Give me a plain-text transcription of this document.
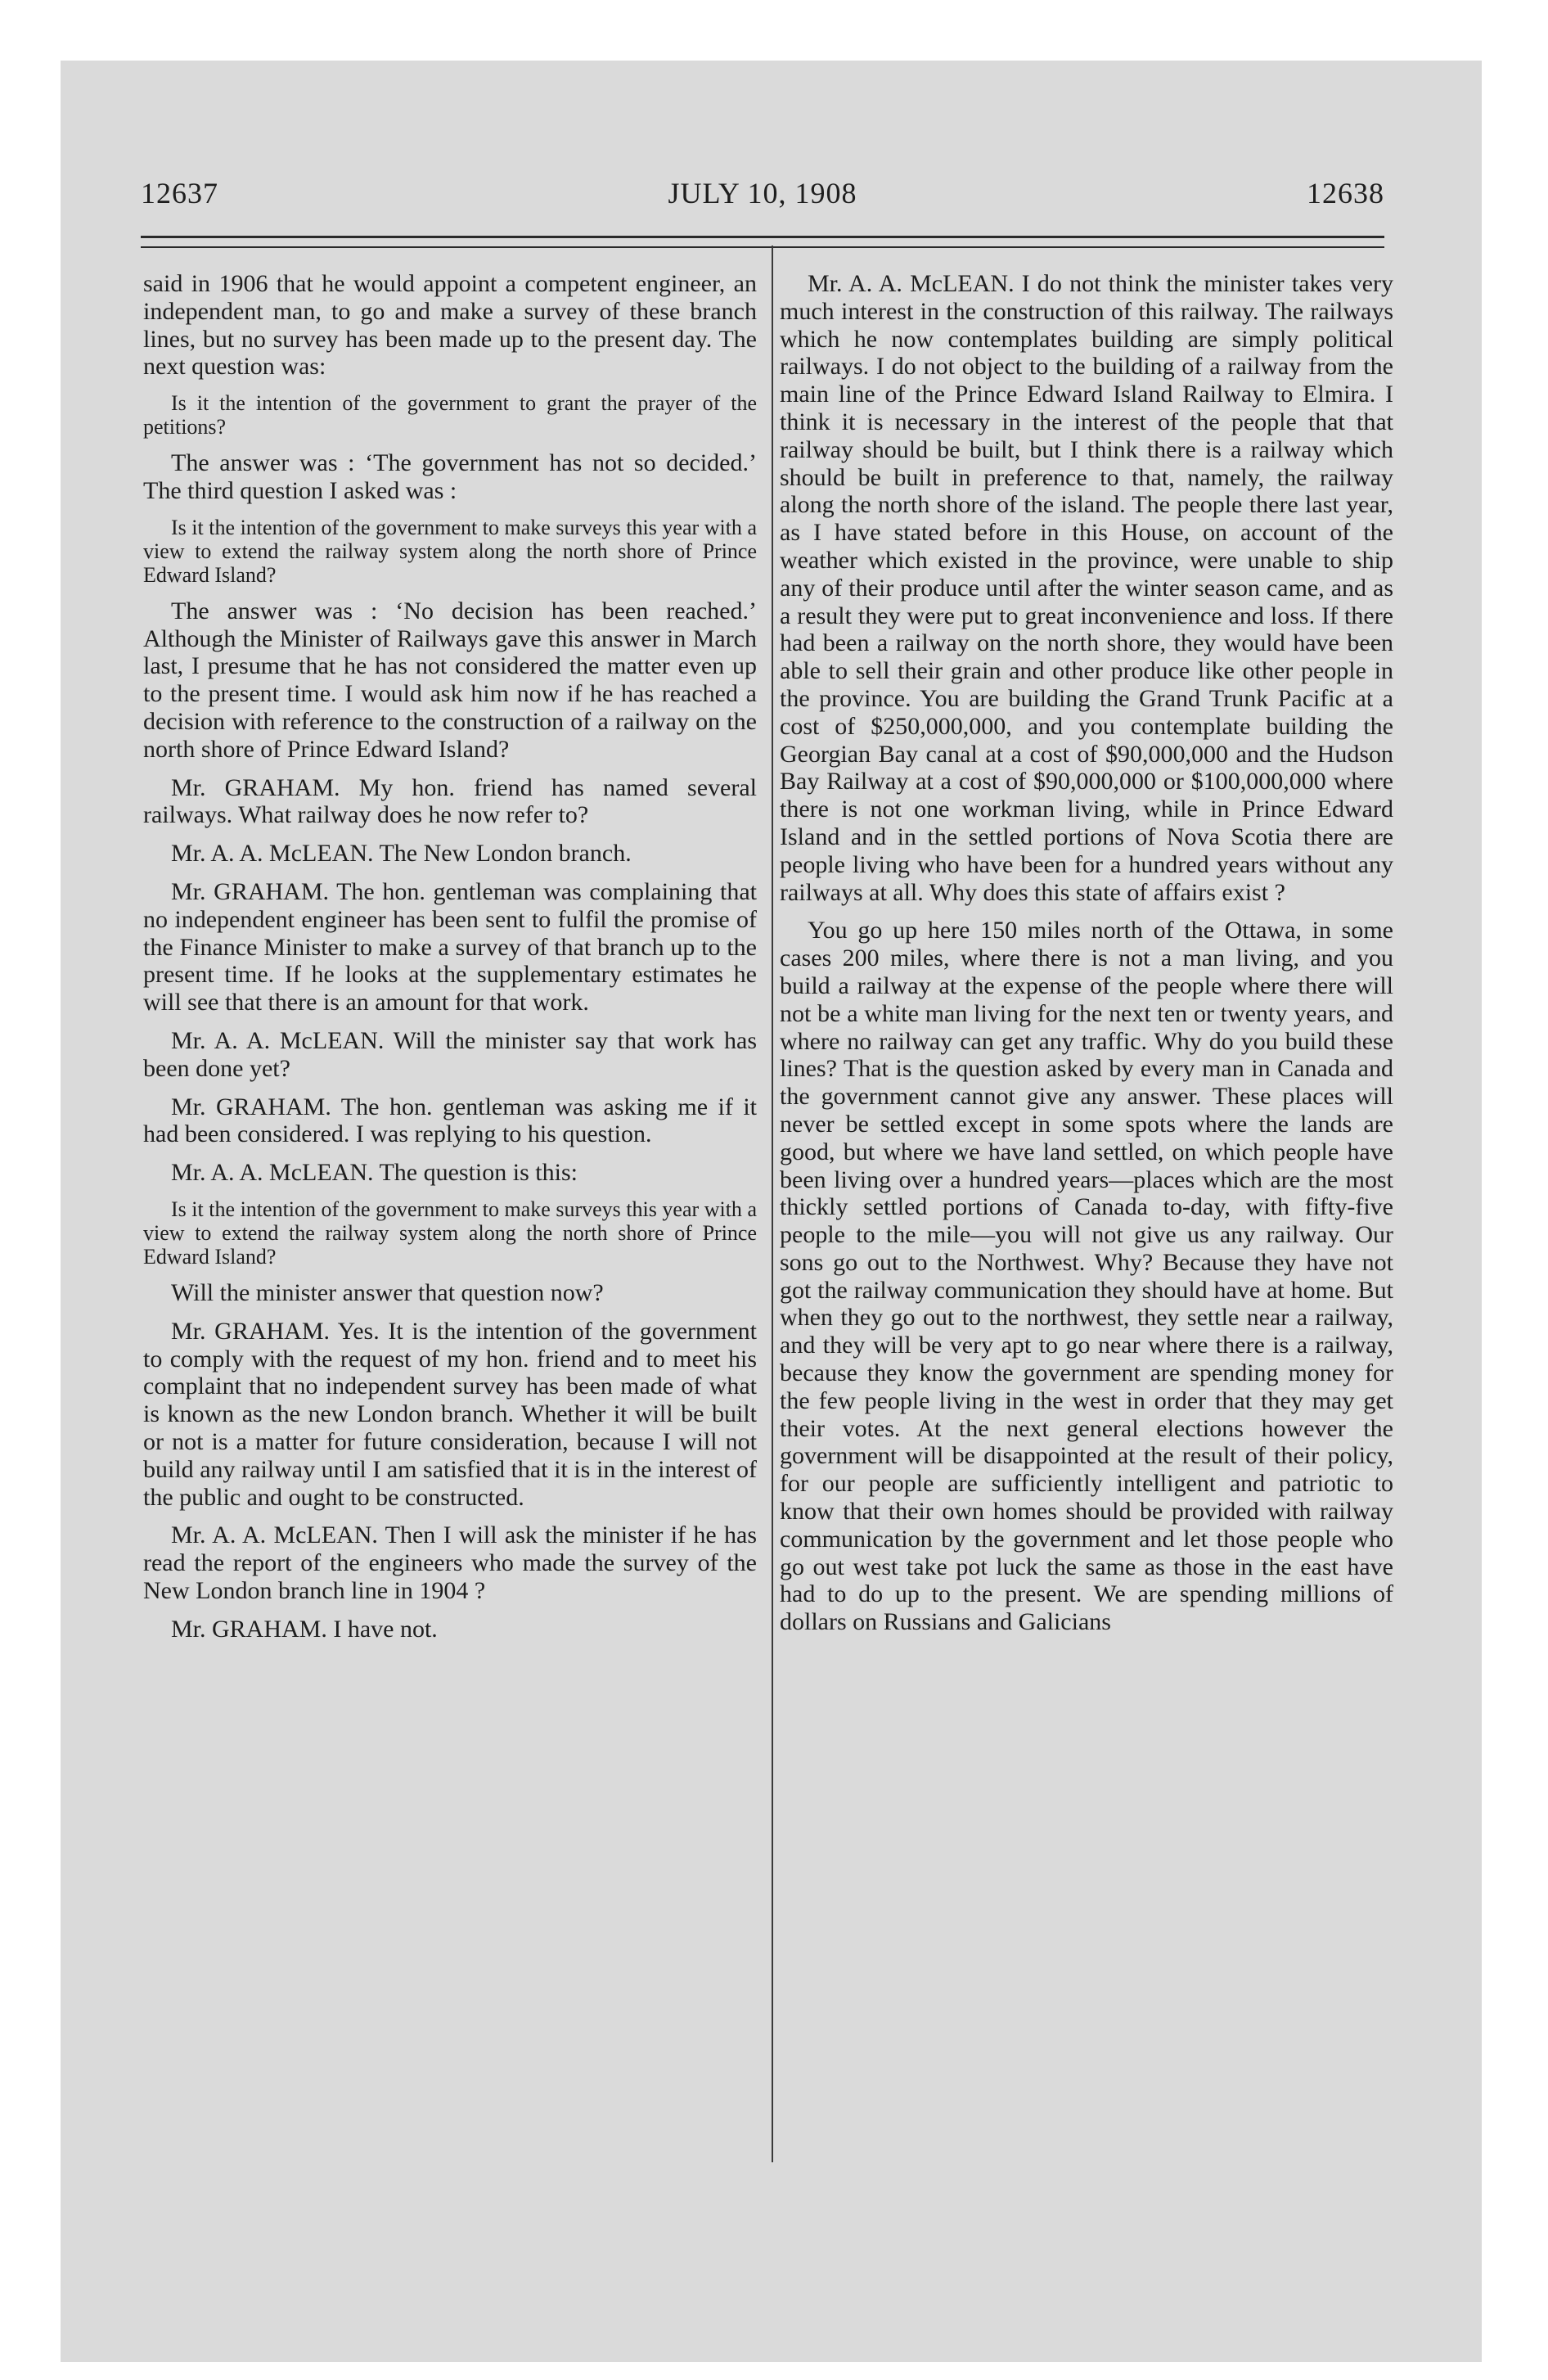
12637	JULY 10, 1908	12638

said in 1906 that he would appoint a competent engineer, an independent man, to go and make a survey of these branch lines, but no survey has been made up to the present day. The next question was:

Is it the intention of the government to grant the prayer of the petitions?

The answer was : ‘The government has not so decided.’ The third question I asked was :

Is it the intention of the government to make surveys this year with a view to extend the railway system along the north shore of Prince Edward Island?

The answer was : ‘No decision has been reached.’ Although the Minister of Railways gave this answer in March last, I presume that he has not considered the matter even up to the present time. I would ask him now if he has reached a decision with reference to the construction of a railway on the north shore of Prince Edward Island?

Mr. GRAHAM. My hon. friend has named several railways. What railway does he now refer to?

Mr. A. A. McLEAN. The New London branch.

Mr. GRAHAM. The hon. gentleman was complaining that no independent engineer has been sent to fulfil the promise of the Finance Minister to make a survey of that branch up to the present time. If he looks at the supplementary estimates he will see that there is an amount for that work.

Mr. A. A. McLEAN. Will the minister say that work has been done yet?

Mr. GRAHAM. The hon. gentleman was asking me if it had been considered. I was replying to his question.

Mr. A. A. McLEAN. The question is this:

Is it the intention of the government to make surveys this year with a view to extend the railway system along the north shore of Prince Edward Island?

Will the minister answer that question now?

Mr. GRAHAM. Yes. It is the intention of the government to comply with the request of my hon. friend and to meet his complaint that no independent survey has been made of what is known as the new London branch. Whether it will be built or not is a matter for future consideration, because I will not build any railway until I am satisfied that it is in the interest of the public and ought to be constructed.

Mr. A. A. McLEAN. Then I will ask the minister if he has read the report of the engineers who made the survey of the New London branch line in 1904 ?

Mr. GRAHAM. I have not.

Mr. A. A. McLEAN. I do not think the minister takes very much interest in the construction of this railway. The railways which he now contemplates building are simply political railways. I do not object to the building of a railway from the main line of the Prince Edward Island Railway to Elmira. I think it is necessary in the interest of the people that that railway should be built, but I think there is a railway which should be built in preference to that, namely, the railway along the north shore of the island. The people there last year, as I have stated before in this House, on account of the weather which existed in the province, were unable to ship any of their produce until after the winter season came, and as a result they were put to great inconvenience and loss. If there had been a railway on the north shore, they would have been able to sell their grain and other produce like other people in the province. You are building the Grand Trunk Pacific at a cost of $250,000,000, and you contemplate building the Georgian Bay canal at a cost of $90,000,000 and the Hudson Bay Railway at a cost of $90,000,000 or $100,000,000 where there is not one workman living, while in Prince Edward Island and in the settled portions of Nova Scotia there are people living who have been for a hundred years without any railways at all. Why does this state of affairs exist ?

You go up here 150 miles north of the Ottawa, in some cases 200 miles, where there is not a man living, and you build a railway at the expense of the people where there will not be a white man living for the next ten or twenty years, and where no railway can get any traffic. Why do you build these lines? That is the question asked by every man in Canada and the government cannot give any answer. These places will never be settled except in some spots where the lands are good, but where we have land settled, on which people have been living over a hundred years—places which are the most thickly settled portions of Canada to-day, with fifty-five people to the mile—you will not give us any railway. Our sons go out to the Northwest. Why? Because they have not got the railway communication they should have at home. But when they go out to the northwest, they settle near a railway, and they will be very apt to go near where there is a railway, because they know the government are spending money for the few people living in the west in order that they may get their votes. At the next general elections however the government will be disappointed at the result of their policy, for our people are sufficiently intelligent and patriotic to know that their own homes should be provided with railway communication by the government and let those people who go out west take pot luck the same as those in the east have had to do up to the present. We are spending millions of dollars on Russians and Galicians
